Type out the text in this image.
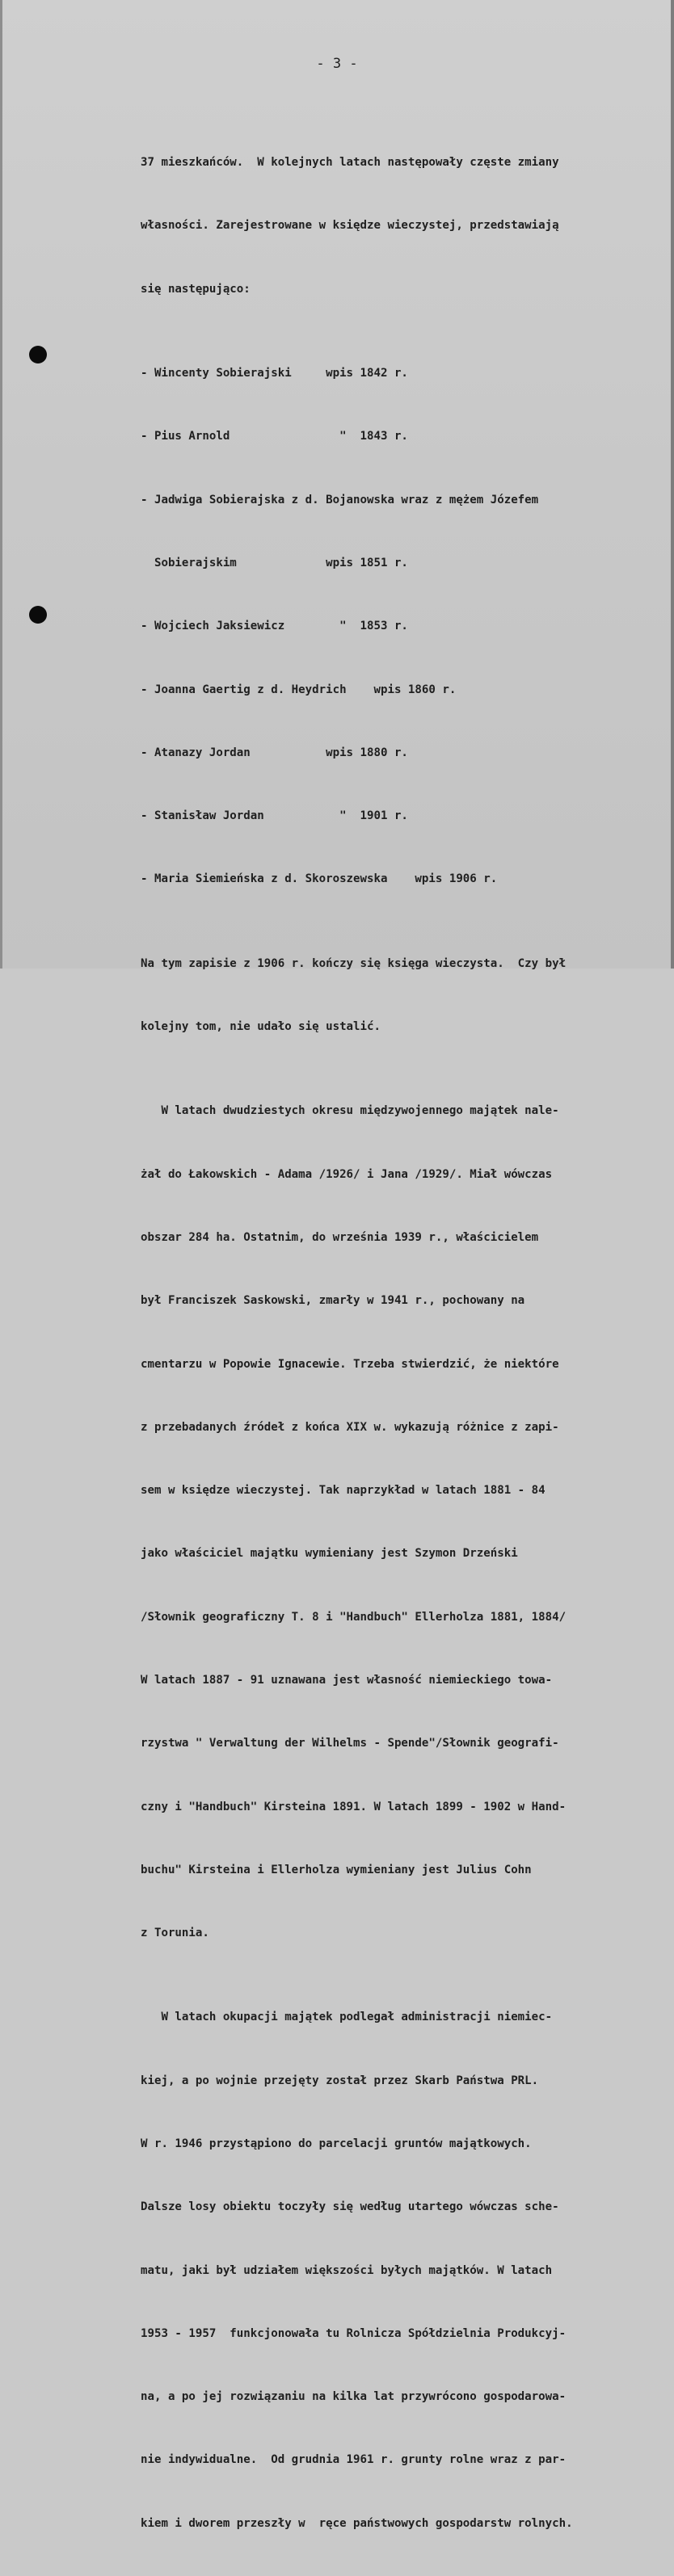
- 3 -

37 mieszkańców.  W kolejnych latach następowały częste zmiany

własności. Zarejestrowane w księdze wieczystej, przedstawiają

się następująco:

- Wincenty Sobierajski     wpis 1842 r.

- Pius Arnold                "  1843 r.

- Jadwiga Sobierajska z d. Bojanowska wraz z mężem Józefem

Sobierajskim             wpis 1851 r.

- Wojciech Jaksiewicz        "  1853 r.

- Joanna Gaertig z d. Heydrich    wpis 1860 r.

- Atanazy Jordan           wpis 1880 r.

- Stanisław Jordan           "  1901 r.

- Maria Siemieńska z d. Skoroszewska    wpis 1906 r.

Na tym zapisie z 1906 r. kończy się księga wieczysta.  Czy był

kolejny tom, nie udało się ustalić.

W latach dwudziestych okresu międzywojennego majątek nale-

żał do Łakowskich - Adama /1926/ i Jana /1929/. Miał wówczas

obszar 284 ha. Ostatnim, do września 1939 r., właścicielem

był Franciszek Saskowski, zmarły w 1941 r., pochowany na

cmentarzu w Popowie Ignacewie. Trzeba stwierdzić, że niektóre

z przebadanych źródeł z końca XIX w. wykazują różnice z zapi-

sem w księdze wieczystej. Tak naprzykład w latach 1881 - 84

jako właściciel majątku wymieniany jest Szymon Drzeński

/Słownik geograficzny T. 8 i "Handbuch" Ellerholza 1881, 1884/

W latach 1887 - 91 uznawana jest własność niemieckiego towa-

rzystwa " Verwaltung der Wilhelms - Spende"/Słownik geografi-

czny i "Handbuch" Kirsteina 1891. W latach 1899 - 1902 w Hand-

buchu" Kirsteina i Ellerholza wymieniany jest Julius Cohn

z Torunia.

W latach okupacji majątek podlegał administracji niemiec-

kiej, a po wojnie przejęty został przez Skarb Państwa PRL.

W r. 1946 przystąpiono do parcelacji gruntów majątkowych.

Dalsze losy obiektu toczyły się według utartego wówczas sche-

matu, jaki był udziałem większości byłych majątków. W latach

1953 - 1957  funkcjonowała tu Rolnicza Spółdzielnia Produkcyj-

na, a po jej rozwiązaniu na kilka lat przywrócono gospodarowa-

nie indywidualne.  Od grudnia 1961 r. grunty rolne wraz z par-

kiem i dworem przeszły w  ręce państwowych gospodarstw rolnych.
